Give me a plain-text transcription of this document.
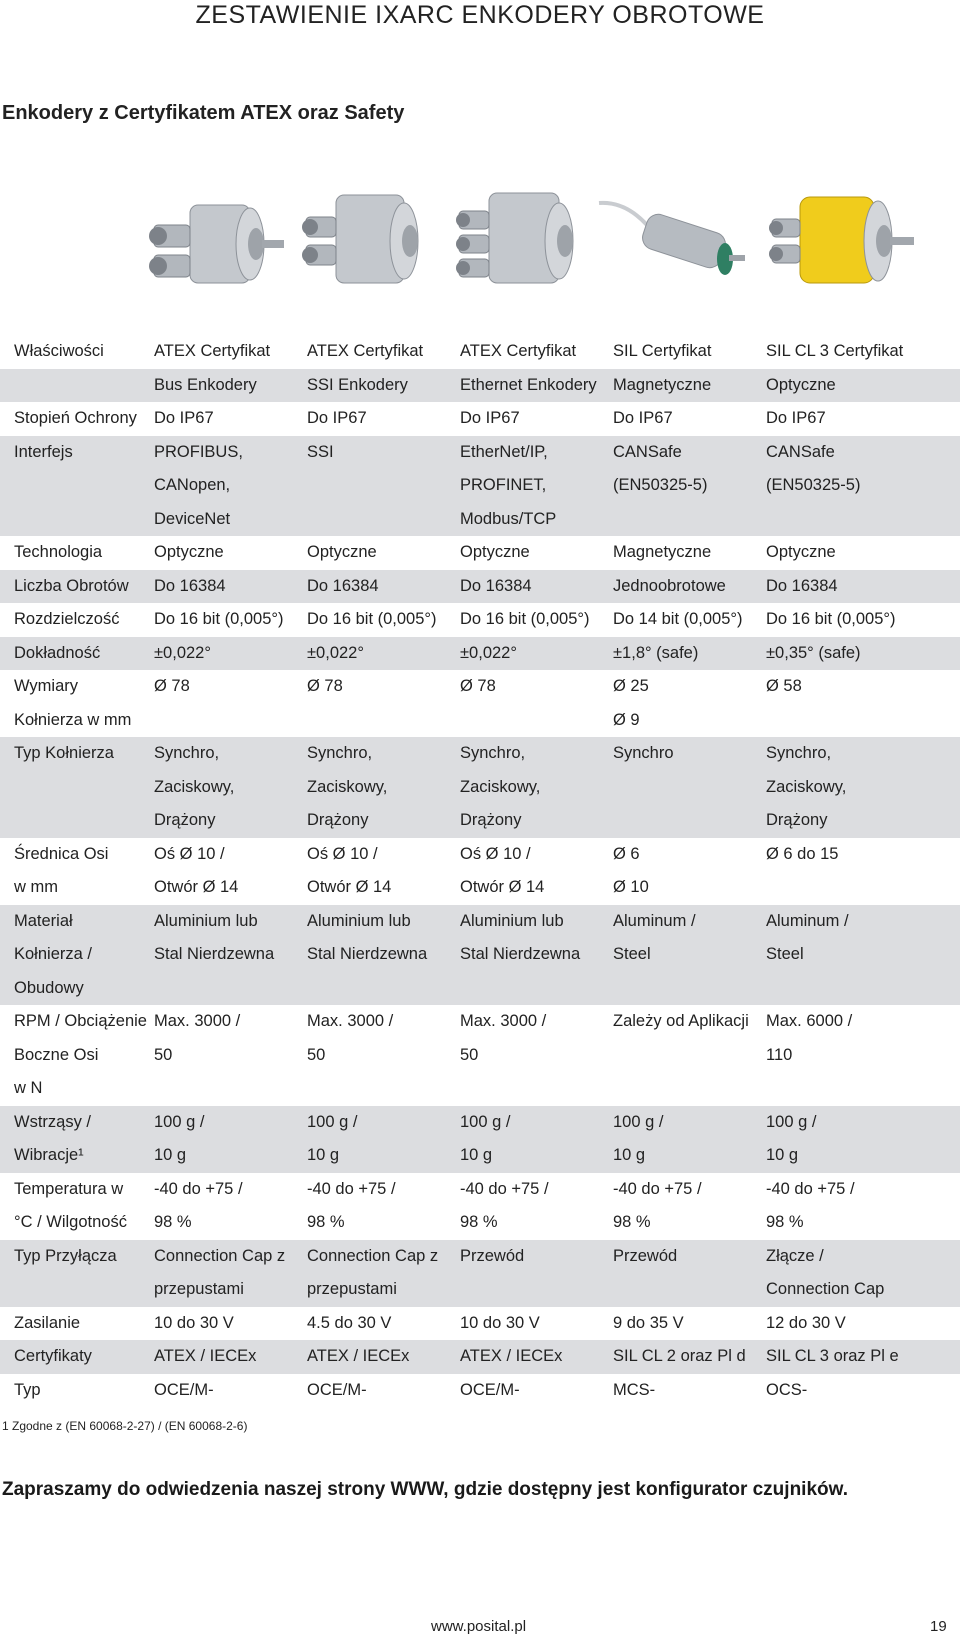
ZESTAWIENIE IXARC ENKODERY OBROTOWE
Enkodery z Certyfikatem ATEX oraz Safety
Właściwości	ATEX Certyfikat	ATEX Certyfikat	ATEX Certyfikat	SIL Certyfikat	SIL CL 3 Certyfikat
	Bus Enkodery	SSI Enkodery	Ethernet Enkodery	Magnetyczne	Optyczne
Stopień Ochrony	Do IP67	Do IP67	Do IP67	Do IP67	Do IP67
Interfejs	PROFIBUS,	SSI	EtherNet/IP,	CANSafe	CANSafe
	CANopen,		PROFINET,	(EN50325-5)	(EN50325-5)
	DeviceNet		Modbus/TCP		
Technologia	Optyczne	Optyczne	Optyczne	Magnetyczne	Optyczne
Liczba Obrotów	Do 16384	Do 16384	Do 16384	Jednoobrotowe	Do 16384
Rozdzielczość	Do 16 bit (0,005°)	Do 16 bit (0,005°)	Do 16 bit (0,005°)	Do 14 bit (0,005°)	Do 16 bit (0,005°)
Dokładność	±0,022°	±0,022°	±0,022°	±1,8° (safe)	±0,35° (safe)
Wymiary	Ø 78	Ø 78	Ø 78	Ø 25	Ø 58
Kołnierza w mm				Ø 9	
Typ Kołnierza	Synchro,	Synchro,	Synchro,	Synchro	Synchro,
	Zaciskowy,	Zaciskowy,	Zaciskowy,		Zaciskowy,
	Drążony	Drążony	Drążony		Drążony
Średnica Osi	Oś Ø 10 /	Oś Ø 10 /	Oś Ø 10 /	Ø 6	Ø 6 do 15
w mm	Otwór Ø 14	Otwór Ø 14	Otwór Ø 14	Ø 10	
Materiał	Aluminium lub	Aluminium lub	Aluminium lub	Aluminum /	Aluminum /
Kołnierza /	Stal Nierdzewna	Stal Nierdzewna	Stal Nierdzewna	Steel	Steel
Obudowy					
RPM / Obciążenie	Max. 3000 /	Max. 3000 /	Max. 3000 /	Zależy od Aplikacji	Max. 6000 /
Boczne Osi	50	50	50		110
w N					
Wstrząsy /	100 g /	100 g /	100 g /	100 g /	100 g /
Wibracje¹	10 g	10 g	10 g	10 g	10 g
Temperatura w	-40 do +75 /	-40 do +75 /	-40 do +75 /	-40 do +75 /	-40 do +75 /
°C / Wilgotność	98 %	98 %	98 %	98 %	98 %
Typ Przyłącza	Connection Cap z	Connection Cap z	Przewód	Przewód	Złącze /
	przepustami	przepustami			Connection Cap
Zasilanie	10 do 30 V	4.5 do 30 V	10 do 30 V	9 do 35 V	12 do 30 V
Certyfikaty	ATEX / IECEx	ATEX / IECEx	ATEX / IECEx	SIL CL 2 oraz Pl d	SIL CL 3 oraz Pl e
Typ	OCE/M-	OCE/M-	OCE/M-	MCS-	OCS-
1 Zgodne z (EN 60068-2-27) / (EN 60068-2-6)
Zapraszamy do odwiedzenia naszej strony WWW, gdzie dostępny jest konfigurator czujników.
www.posital.pl	19
